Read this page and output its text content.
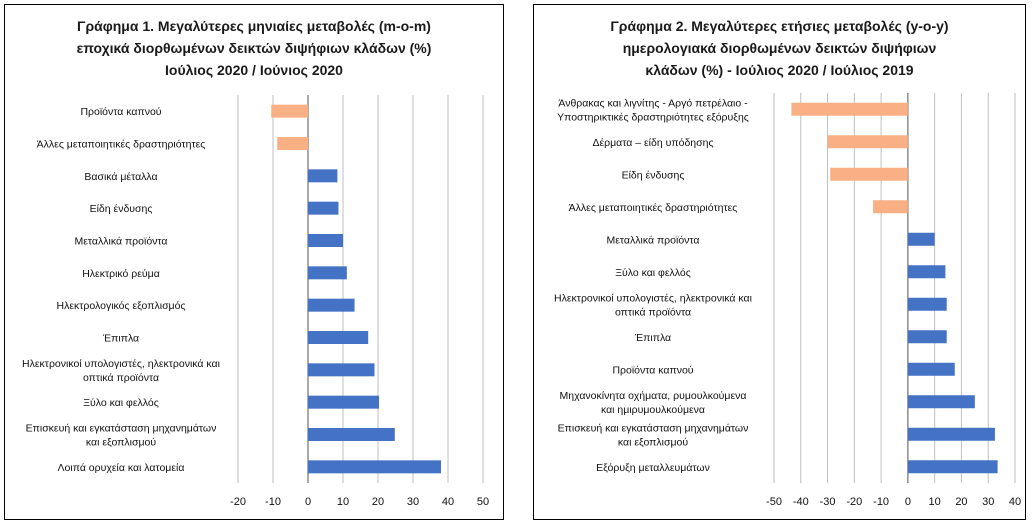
Γράφημα 1. Μεγαλύτερες μηνιαίες μεταβολές (m-o-m)
εποχικά διορθωμένων δεικτών διψήφιων κλάδων (%)
Ιούλιος 2020 / Ιούνιος 2020
-20 -10 0 10 20 30 40 50
Προϊόντα καπνού
Άλλες μεταποιητικές δραστηριότητες
Βασικά μέταλλα
Είδη ένδυσης
Μεταλλικά προϊόντα
Ηλεκτρικό ρεύμα
Ηλεκτρολογικός εξοπλισμός
Έπιπλα
Ηλεκτρονικοί υπολογιστές, ηλεκτρονικά και οπτικά προϊόντα
Ξύλο και φελλός
Επισκευή και εγκατάσταση μηχανημάτων και εξοπλισμού
Λοιπά ορυχεία και λατομεία
Γράφημα 2. Μεγαλύτερες ετήσιες μεταβολές (y-o-y)
ημερολογιακά διορθωμένων δεικτών διψήφιων
κλάδων (%) - Ιούλιος 2020 / Ιούλιος 2019
-50 -40 -30 -20 -10 0 10 20 30 40
Άνθρακας και λιγνίτης - Αργό πετρέλαιο -Υποστηρικτικές δραστηριότητες εξόρυξης
Δέρματα – είδη υπόδησης
Είδη ένδυσης
Άλλες μεταποιητικές δραστηριότητες
Μεταλλικά προϊόντα
Ξύλο και φελλός
Ηλεκτρονικοί υπολογιστές, ηλεκτρονικά και οπτικά προϊόντα
Έπιπλα
Προϊόντα καπνού
Μηχανοκίνητα οχήματα, ρυμουλκούμενα και ημιρυμουλκούμενα
Επισκευή και εγκατάσταση μηχανημάτων και εξοπλισμού
Εξόρυξη μεταλλευμάτων
